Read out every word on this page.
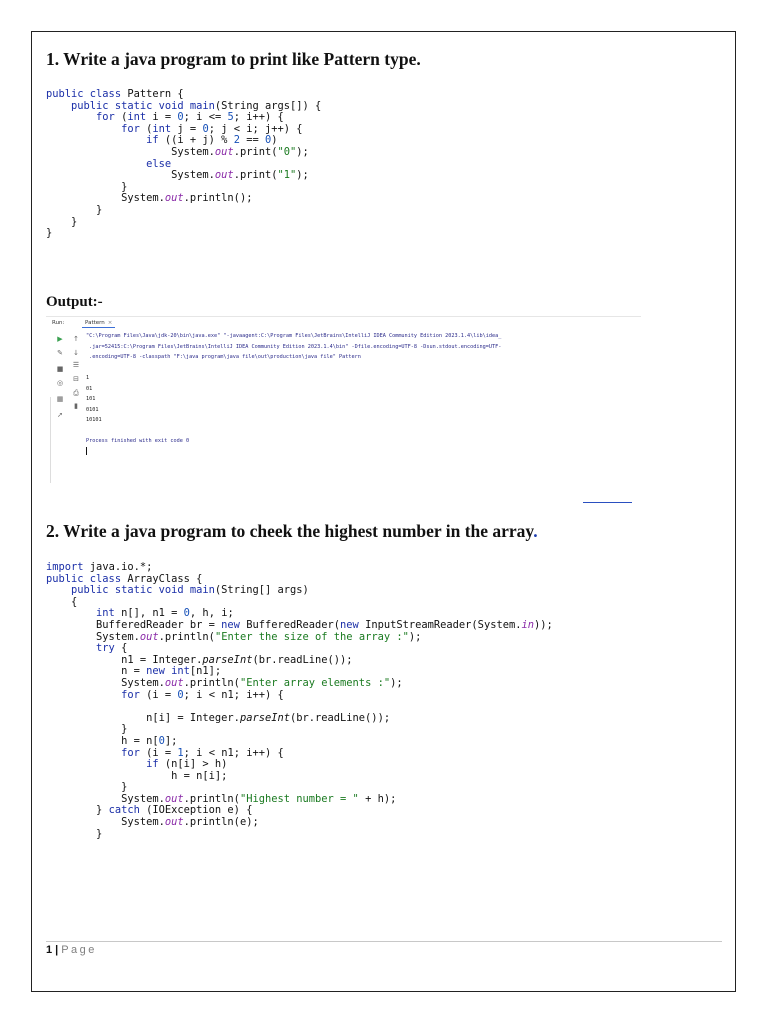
1. Write a java program to print like Pattern type.
public class Pattern {
public static void main(String args[]) {
for (int i = 0; i <= 5; i++) {
for (int j = 0; j < i; j++) {
if ((i + j) % 2 == 0)
System.out.print("0");
else
System.out.print("1");
}
System.out.println();
}
}
}
Output:-
Run:	Pattern ×
▶ ↑
✎ ↓
■ ☰
◎ ⊟
⎙
▦
▮
➚
"C:\Program Files\Java\jdk-20\bin\java.exe" "-javaagent:C:\Program Files\JetBrains\IntelliJ IDEA Community Edition 2023.1.4\lib\idea_
.jar=52415:C:\Program Files\JetBrains\IntelliJ IDEA Community Edition 2023.1.4\bin" -Dfile.encoding=UTF-8 -Dsun.stdout.encoding=UTF-
.encoding=UTF-8 -classpath "F:\java program\java file\out\production\java file" Pattern

1
01
101
0101
10101

Process finished with exit code 0

2. Write a java program to cheek the highest number in the array.
import java.io.*;
public class ArrayClass {
public static void main(String[] args)
{
int n[], n1 = 0, h, i;
BufferedReader br = new BufferedReader(new InputStreamReader(System.in));
System.out.println("Enter the size of the array :");
try {
n1 = Integer.parseInt(br.readLine());
n = new int[n1];
System.out.println("Enter array elements :");
for (i = 0; i < n1; i++) {

n[i] = Integer.parseInt(br.readLine());
}
h = n[0];
for (i = 1; i < n1; i++) {
if (n[i] > h)
h = n[i];
}
System.out.println("Highest number = " + h);
} catch (IOException e) {
System.out.println(e);
}
1 | Page
